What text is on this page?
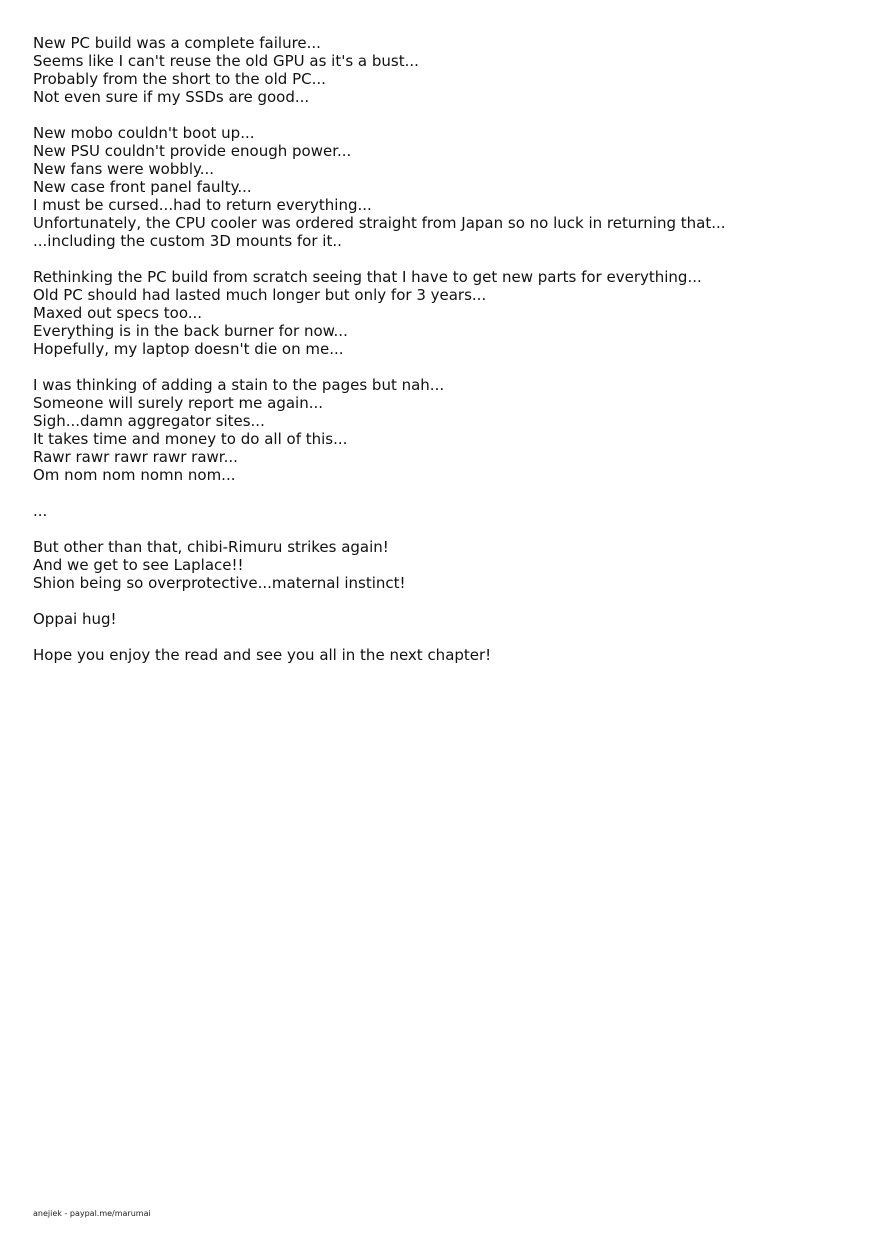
New PC build was a complete failure...
Seems like I can't reuse the old GPU as it's a bust...
Probably from the short to the old PC...
Not even sure if my SSDs are good...
New mobo couldn't boot up...
New PSU couldn't provide enough power...
New fans were wobbly...
New case front panel faulty...
I must be cursed...had to return everything...
Unfortunately, the CPU cooler was ordered straight from Japan so no luck in returning that...
...including the custom 3D mounts for it..
Rethinking the PC build from scratch seeing that I have to get new parts for everything...
Old PC should had lasted much longer but only for 3 years...
Maxed out specs too...
Everything is in the back burner for now...
Hopefully, my laptop doesn't die on me...
I was thinking of adding a stain to the pages but nah...
Someone will surely report me again...
Sigh...damn aggregator sites...
It takes time and money to do all of this...
Rawr rawr rawr rawr rawr...
Om nom nom nomn nom...
...
But other than that, chibi-Rimuru strikes again!
And we get to see Laplace!!
Shion being so overprotective...maternal instinct!
Oppai hug!
Hope you enjoy the read and see you all in the next chapter!
anejiek - paypal.me/marumai
